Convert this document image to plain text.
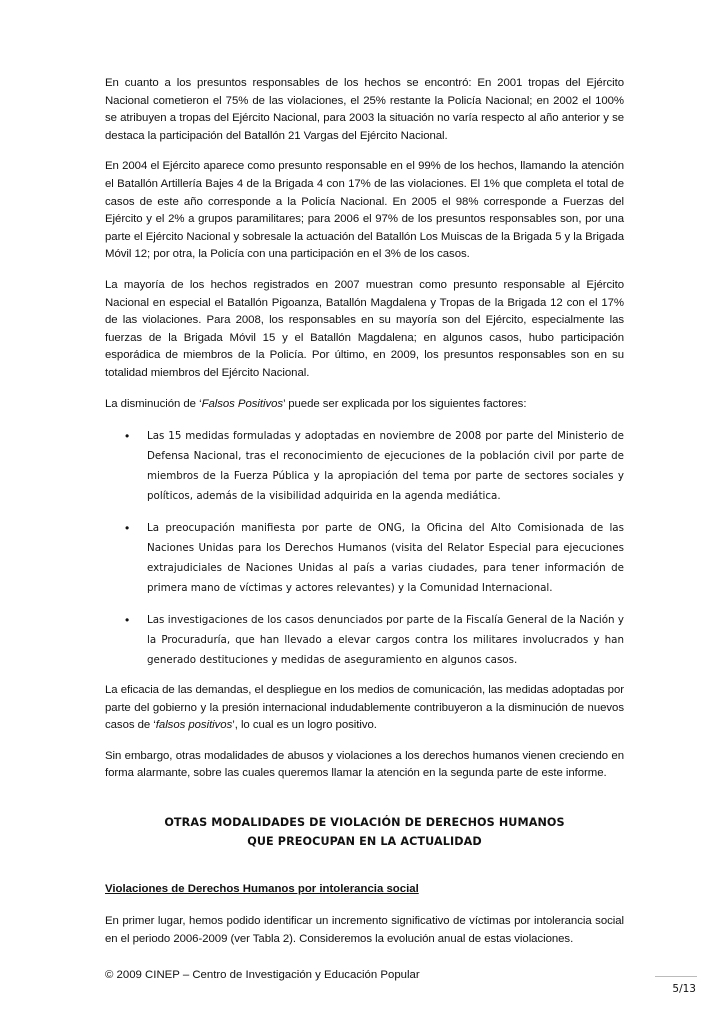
En cuanto a los presuntos responsables de los hechos se encontró: En 2001 tropas del Ejército Nacional cometieron el 75% de las violaciones, el 25% restante la Policía Nacional; en 2002 el 100% se atribuyen a tropas del Ejército Nacional, para 2003 la situación no varía respecto al año anterior y se destaca la participación del Batallón 21 Vargas del Ejército Nacional.

En 2004 el Ejército aparece como presunto responsable en el 99% de los hechos, llamando la atención el Batallón Artillería Bajes 4 de la Brigada 4 con 17% de las violaciones. El 1% que completa el total de casos de este año corresponde a la Policía Nacional. En 2005 el 98% corresponde a Fuerzas del Ejército y el 2% a grupos paramilitares; para 2006 el 97% de los presuntos responsables son, por una parte el Ejército Nacional y sobresale la actuación del Batallón Los Muiscas de la Brigada 5 y la Brigada Móvil 12; por otra, la Policía con una participación en el 3% de los casos.

La mayoría de los hechos registrados en 2007 muestran como presunto responsable al Ejército Nacional en especial el Batallón Pigoanza, Batallón Magdalena y Tropas de la Brigada 12 con el 17% de las violaciones. Para 2008, los responsables en su mayoría son del Ejército, especialmente las fuerzas de la Brigada Móvil 15 y el Batallón Magdalena; en algunos casos, hubo participación esporádica de miembros de la Policía. Por último, en 2009, los presuntos responsables son en su totalidad miembros del Ejército Nacional.

La disminución de ‘Falsos Positivos’ puede ser explicada por los siguientes factores:

• Las 15 medidas formuladas y adoptadas en noviembre de 2008 por parte del Ministerio de Defensa Nacional, tras el reconocimiento de ejecuciones de la población civil por parte de miembros de la Fuerza Pública y la apropiación del tema por parte de sectores sociales y políticos, además de la visibilidad adquirida en la agenda mediática.
• La preocupación manifiesta por parte de ONG, la Oficina del Alto Comisionada de las Naciones Unidas para los Derechos Humanos (visita del Relator Especial para ejecuciones extrajudiciales de Naciones Unidas al país a varias ciudades, para tener información de primera mano de víctimas y actores relevantes) y la Comunidad Internacional.
• Las investigaciones de los casos denunciados por parte de la Fiscalía General de la Nación y la Procuraduría, que han llevado a elevar cargos contra los militares involucrados y han generado destituciones y medidas de aseguramiento en algunos casos.

La eficacia de las demandas, el despliegue en los medios de comunicación, las medidas adoptadas por parte del gobierno y la presión internacional indudablemente contribuyeron a la disminución de nuevos casos de ‘falsos positivos’, lo cual es un logro positivo.

Sin embargo, otras modalidades de abusos y violaciones a los derechos humanos vienen creciendo en forma alarmante, sobre las cuales queremos llamar la atención en la segunda parte de este informe.

OTRAS MODALIDADES DE VIOLACIÓN DE DERECHOS HUMANOS
QUE PREOCUPAN EN LA ACTUALIDAD
Violaciones de Derechos Humanos por intolerancia social

En primer lugar, hemos podido identificar un incremento significativo de víctimas por intolerancia social en el periodo 2006-2009 (ver Tabla 2). Consideremos la evolución anual de estas violaciones.

© 2009 CINEP – Centro de Investigación y Educación Popular
5/13
